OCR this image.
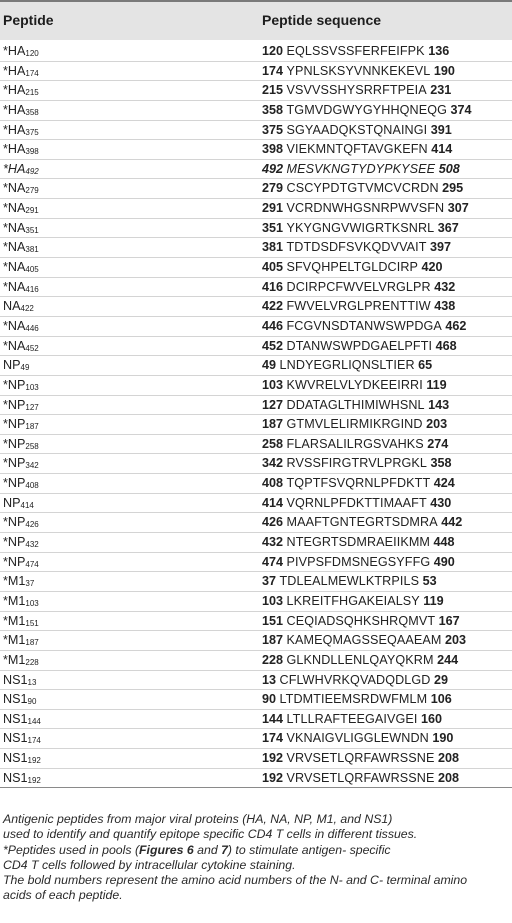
Peptide	Peptide sequence
$*HA_{120}$	120 EQLSSVSSFERFEIFPK 136
$*HA_{174}$	174 YPNLSKSYVNNKEKEVL 190
$*HA_{215}$	215 VSVVSSHYSRRFTPEIA 231
$*HA_{358}$	358 TGMVDGWYGYHHQNEQG 374
$*HA_{375}$	375 SGYAADQKSTQNAINGI 391
$*HA_{398}$	398 VIEKMNTQFTAVGKEFN 414
$*HA_{492}$	492 MESVKNGTYDYPKYSEE 508
$*NA_{279}$	279 CSCYPDTGTVMCVCRDN 295
$*NA_{291}$	291 VCRDNWHGSNRPWVSFN 307
$*NA_{351}$	351 YKYGNGVWIGRTKSNRL 367
$*NA_{381}$	381 TDTDSDFSVKQDVVAIT 397
$*NA_{405}$	405 SFVQHPELTGLDCIRP 420
$*NA_{416}$	416 DCIRPCFWVELVRGLPR 432
$NA_{422}$	422 FWVELVRGLPRENTTIW 438
$*NA_{446}$	446 FCGVNSDTANWSWPDGA 462
$*NA_{452}$	452 DTANWSWPDGAELPFTI 468
$NP_{49}$	49 LNDYEGRLIQNSLTIER 65
$*NP_{103}$	103 KWVRELVLYDKEEIRRI 119
$*NP_{127}$	127 DDATAGLTHIMIWHSNL 143
$*NP_{187}$	187 GTMVLELIRMIKRGIND 203
$*NP_{258}$	258 FLARSALILRGSVAHKS 274
$*NP_{342}$	342 RVSSFIRGTRVLPRGKL 358
$*NP_{408}$	408 TQPTFSVQRNLPFDKTT 424
$NP_{414}$	414 VQRNLPFDKTTIMAAFT 430
$*NP_{426}$	426 MAAFTGNTEGRTSDMRA 442
$*NP_{432}$	432 NTEGRTSDMRAEIIKMM 448
$*NP_{474}$	474 PIVPSFDMSNEGSYFFG 490
$*M1_{37}$	37 TDLEALMEWLKTRPILS 53
$*M1_{103}$	103 LKREITFHGAKEIALSY 119
$*M1_{151}$	151 CEQIADSQHKSHRQMVT 167
$*M1_{187}$	187 KAMEQMAGSSEQAAEAM 203
$*M1_{228}$	228 GLKNDLLENLQAYQKRM 244
$NS1_{13}$	13 CFLWHVRKQVADQDLGD 29
$NS1_{90}$	90 LTDMTIEEMSRDWFMLM 106
$NS1_{144}$	144 LTLLRAFTEEGAIVGEI 160
$NS1_{174}$	174 VKNAIGVLIGGLEWNDN 190
$NS1_{192}$	192 VRVSETLQRFAWRSSNE 208
$NS1_{192}$	192 VRVSETLQRFAWRSSNE 208

Antigenic peptides from major viral proteins (HA, NA, NP, M1, and NS1)

used to identify and quantify epitope specific CD4 T cells in different tissues.

*Peptides used in pools (Figures 6 and 7) to stimulate antigen- specific

CD4 T cells followed by intracellular cytokine staining.

The bold numbers represent the amino acid numbers of the N- and C- terminal amino

acids of each peptide.
